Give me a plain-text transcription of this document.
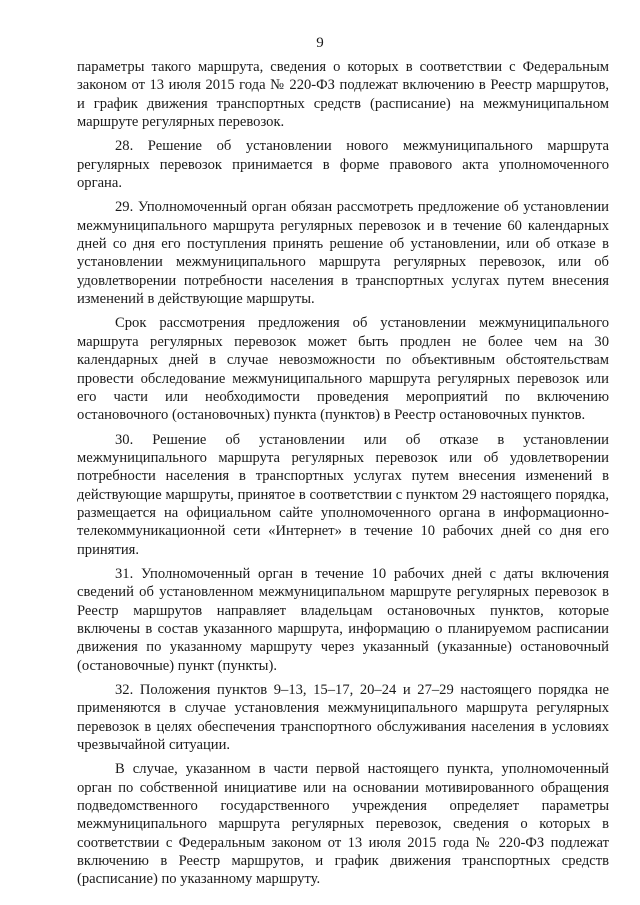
9

параметры такого маршрута, сведения о которых в соответствии с Федеральным законом от 13 июля 2015 года № 220-ФЗ подлежат включению в Реестр маршрутов, и график движения транспортных средств (расписание) на межмуниципальном маршруте регулярных перевозок.

28. Решение об установлении нового межмуниципального маршрута регулярных перевозок принимается в форме правового акта уполномоченного органа.

29. Уполномоченный орган обязан рассмотреть предложение об установлении межмуниципального маршрута регулярных перевозок и в течение 60 календарных дней со дня его поступления принять решение об установлении, или об отказе в установлении межмуниципального маршрута регулярных перевозок, или об удовлетворении потребности населения в транспортных услугах путем внесения изменений в действующие маршруты.

Срок рассмотрения предложения об установлении межмуниципального маршрута регулярных перевозок может быть продлен не более чем на 30 календарных дней в случае невозможности по объективным обстоятельствам провести обследование межмуниципального маршрута регулярных перевозок или его части или необходимости проведения мероприятий по включению остановочного (остановочных) пункта (пунктов) в Реестр остановочных пунктов.

30. Решение об установлении или об отказе в установлении межмуниципального маршрута регулярных перевозок или об удовлетворении потребности населения в транспортных услугах путем внесения изменений в действующие маршруты, принятое в соответствии с пунктом 29 настоящего порядка, размещается на официальном сайте уполномоченного органа в информационно-телекоммуникационной сети «Интернет» в течение 10 рабочих дней со дня его принятия.

31. Уполномоченный орган в течение 10 рабочих дней с даты включения сведений об установленном межмуниципальном маршруте регулярных перевозок в Реестр маршрутов направляет владельцам остановочных пунктов, которые включены в состав указанного маршрута, информацию о планируемом расписании движения по указанному маршруту через указанный (указанные) остановочный (остановочные) пункт (пункты).

32. Положения пунктов 9–13, 15–17, 20–24 и 27–29 настоящего порядка не применяются в случае установления межмуниципального маршрута регулярных перевозок в целях обеспечения транспортного обслуживания населения в условиях чрезвычайной ситуации.

В случае, указанном в части первой настоящего пункта, уполномоченный орган по собственной инициативе или на основании мотивированного обращения подведомственного государственного учреждения определяет параметры межмуниципального маршрута регулярных перевозок, сведения о которых в соответствии с Федеральным законом от 13 июля 2015 года № 220-ФЗ подлежат включению в Реестр маршрутов, и график движения транспортных средств (расписание) по указанному маршруту.
